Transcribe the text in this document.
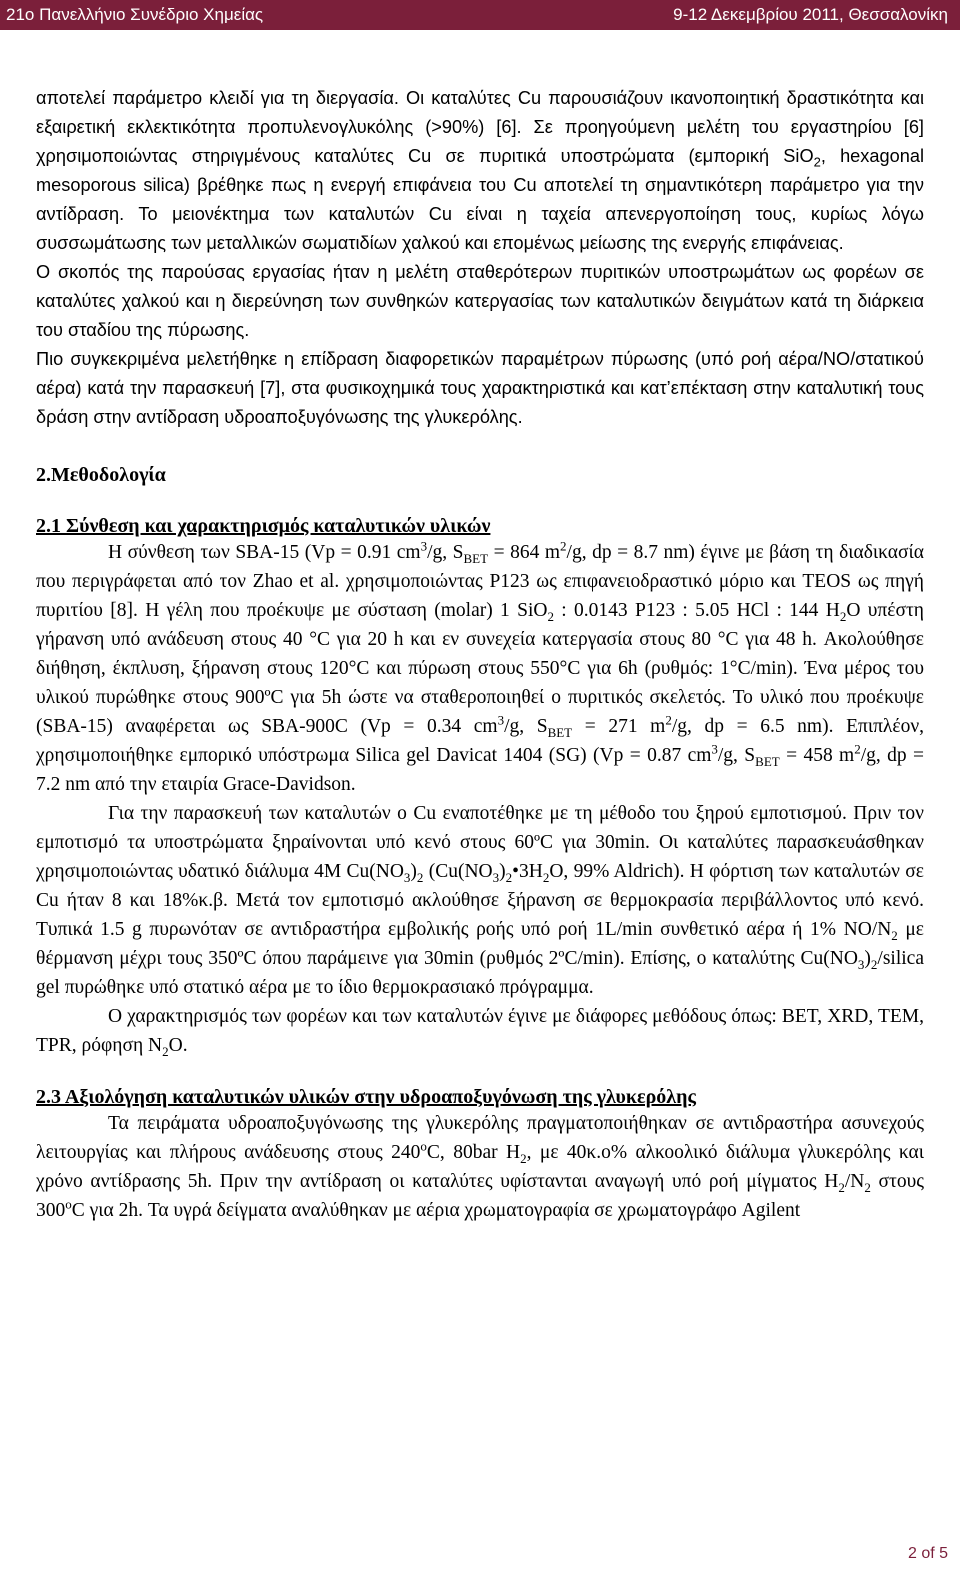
21ο Πανελλήνιο Συνέδριο Χημείας	9-12 Δεκεμβρίου 2011, Θεσσαλονίκη

αποτελεί παράμετρο κλειδί για τη διεργασία. Οι καταλύτες Cu παρουσιάζουν ικανοποιητική δραστικότητα και εξαιρετική εκλεκτικότητα προπυλενογλυκόλης (>90%) [6]. Σε προηγούμενη μελέτη του εργαστηρίου [6] χρησιμοποιώντας στηριγμένους καταλύτες Cu σε πυριτικά υποστρώματα (εμπορική SiO$_2$, hexagonal mesoporous silica) βρέθηκε πως η ενεργή επιφάνεια του Cu αποτελεί τη σημαντικότερη παράμετρο για την αντίδραση. Το μειονέκτημα των καταλυτών Cu είναι η ταχεία απενεργοποίηση τους, κυρίως λόγω συσσωμάτωσης των μεταλλικών σωματιδίων χαλκού και επομένως μείωσης της ενεργής επιφάνειας.

Ο σκοπός της παρούσας εργασίας ήταν η μελέτη σταθερότερων πυριτικών υποστρωμάτων ως φορέων σε καταλύτες χαλκού και η διερεύνηση των συνθηκών κατεργασίας των καταλυτικών δειγμάτων κατά τη διάρκεια του σταδίου της πύρωσης.

Πιο συγκεκριμένα μελετήθηκε η επίδραση διαφορετικών παραμέτρων πύρωσης (υπό ροή αέρα/NO/στατικού αέρα) κατά την παρασκευή [7], στα φυσικοχημικά τους χαρακτηριστικά και κατ’επέκταση στην καταλυτική τους δράση στην αντίδραση υδροαποξυγόνωσης της γλυκερόλης.

2.Μεθοδολογία
2.1 Σύνθεση και χαρακτηρισμός καταλυτικών υλικών

Η σύνθεση των SBA-15 (Vp = 0.91 $cm^3/g$, $S_{BET} = 864$ $m^2/g$, dp = 8.7 nm) έγινε με βάση τη διαδικασία που περιγράφεται από τον Zhao et al. χρησιμοποιώντας P123 ως επιφανειοδραστικό μόριο και TEOS ως πηγή πυριτίου [8]. Η γέλη που προέκυψε με σύσταση (molar) 1 SiO$_2$ : 0.0143 P123 : 5.05 HCl : 144 $H_2O$ υπέστη γήρανση υπό ανάδευση στους 40 °C για 20 h και εν συνεχεία κατεργασία στους 80 °C για 48 h. Ακολούθησε διήθηση, έκπλυση, ξήρανση στους 120°C και πύρωση στους 550°C για 6h (ρυθμός: 1°C/min). Ένα μέρος του υλικού πυρώθηκε στους 900ºC για 5h ώστε να σταθεροποιηθεί ο πυριτικός σκελετός. Το υλικό που προέκυψε (SBA-15) αναφέρεται ως SBA-900C (Vp = 0.34 $cm^3/g$, $S_{BET} = 271$ $m^2/g$, dp = 6.5 nm). Επιπλέον, χρησιμοποιήθηκε εμπορικό υπόστρωμα Silica gel Davicat 1404 (SG) (Vp = 0.87 $cm^3/g$, $S_{BET} = 458$ $m^2/g$, dp = 7.2 nm από την εταιρία Grace-Davidson.

Για την παρασκευή των καταλυτών ο Cu εναποτέθηκε με τη μέθοδο του ξηρού εμποτισμού. Πριν τον εμποτισμό τα υποστρώματα ξηραίνονται υπό κενό στους 60ºC για 30min. Οι καταλύτες παρασκευάσθηκαν χρησιμοποιώντας υδατικό διάλυμα 4M $Cu(NO_3)_2$ ($Cu(NO_3)_2•3H_2O$, 99% Aldrich). Η φόρτιση των καταλυτών σε Cu ήταν 8 και 18%κ.β. Μετά τον εμποτισμό ακλούθησε ξήρανση σε θερμοκρασία περιβάλλοντος υπό κενό. Τυπικά 1.5 g πυρωνόταν σε αντιδραστήρα εμβολικής ροής υπό ροή 1L/min συνθετικό αέρα ή 1% $NO/N_2$ με θέρμανση μέχρι τους 350ºC όπου παράμεινε για 30min (ρυθμός 2ºC/min). Επίσης, ο καταλύτης $Cu(NO_3)_2$/silica gel πυρώθηκε υπό στατικό αέρα με το ίδιο θερμοκρασιακό πρόγραμμα.

Ο χαρακτηρισμός των φορέων και των καταλυτών έγινε με διάφορες μεθόδους όπως: BET, XRD, TEM, TPR, ρόφηση $N_2O$.

2.3 Αξιολόγηση καταλυτικών υλικών στην υδροαποξυγόνωση της γλυκερόλης

Τα πειράματα υδροαποξυγόνωσης της γλυκερόλης πραγματοποιήθηκαν σε αντιδραστήρα ασυνεχούς λειτουργίας και πλήρους ανάδευσης στους 240$^o$C, 80bar $H_2$, με 40κ.ο% αλκοολικό διάλυμα γλυκερόλης και χρόνο αντίδρασης 5h. Πριν την αντίδραση οι καταλύτες υφίστανται αναγωγή υπό ροή μίγματος $H_2/N_2$ στους 300$^o$C για 2h. Τα υγρά δείγματα αναλύθηκαν με αέρια χρωματογραφία σε χρωματογράφο Agilent

2 of 5
